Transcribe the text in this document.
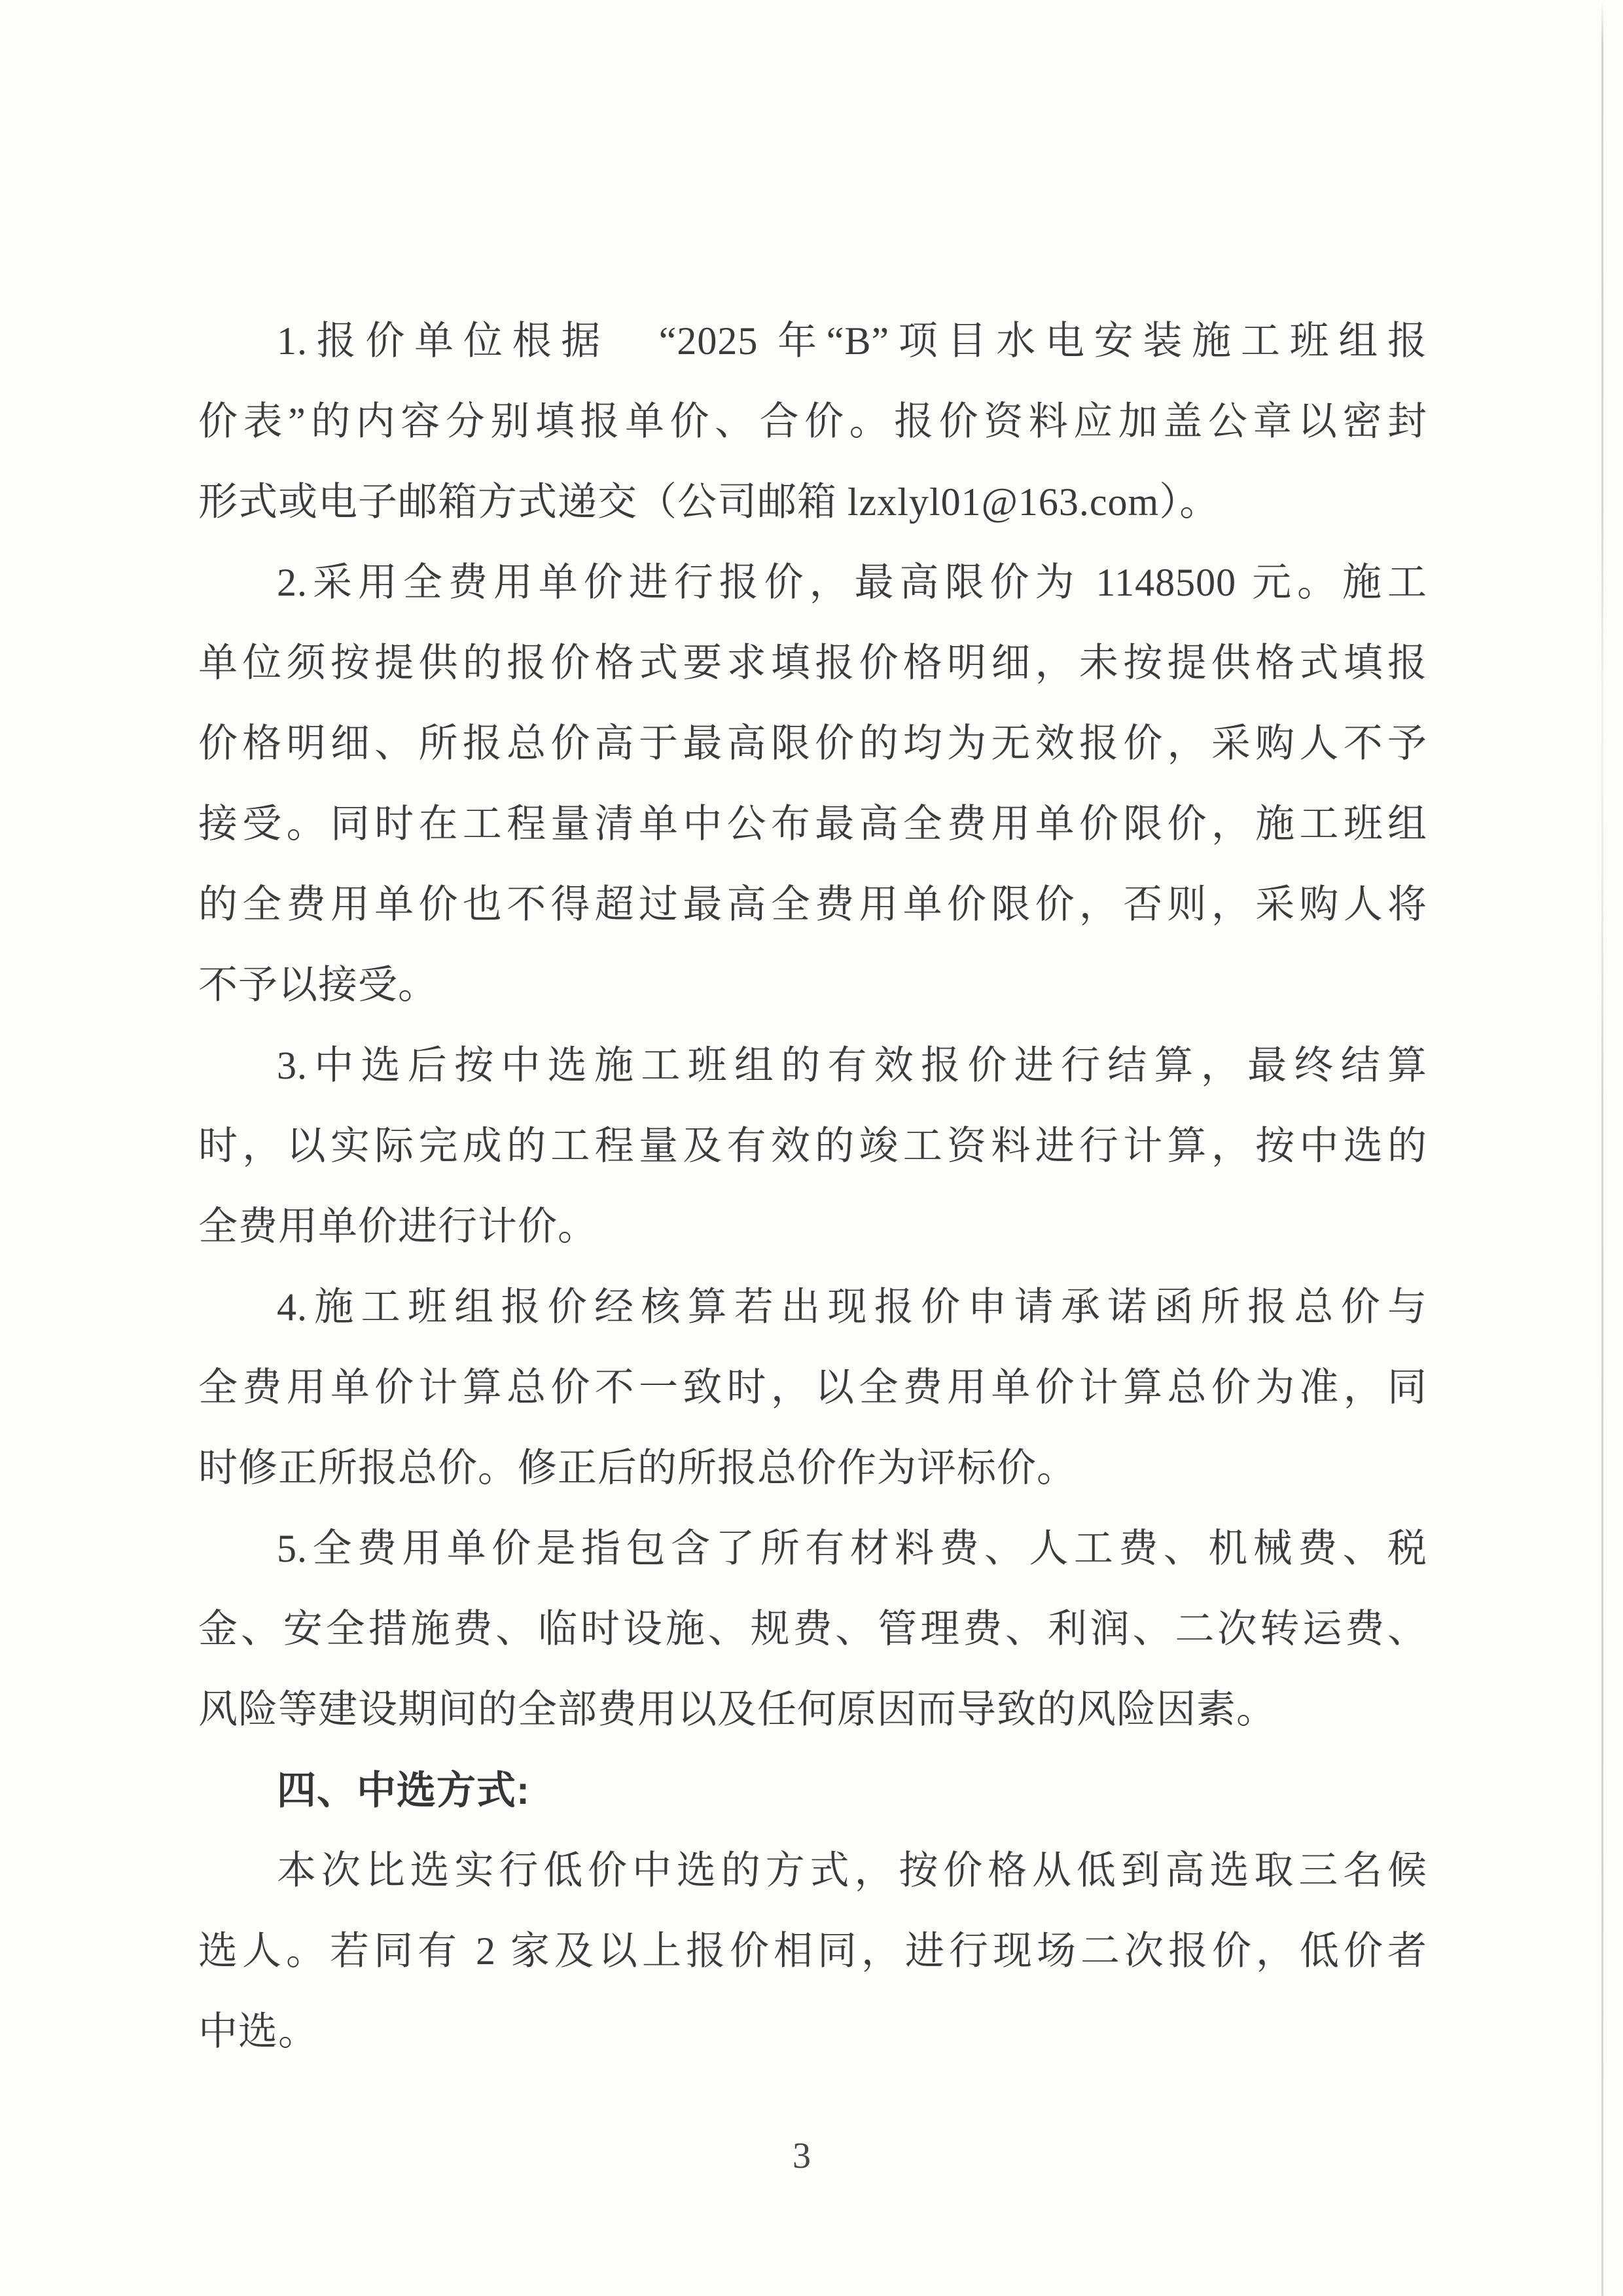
1.报价单位根据　“2025 年“B”项目水电安装施工班组报
价表”的内容分别填报单价、合价。报价资料应加盖公章以密封
形式或电子邮箱方式递交（公司邮箱 lzxlyl01@163.com）。
2.采用全费用单价进行报价，最高限价为 1148500 元。施工
单位须按提供的报价格式要求填报价格明细，未按提供格式填报
价格明细、所报总价高于最高限价的均为无效报价，采购人不予
接受。同时在工程量清单中公布最高全费用单价限价，施工班组
的全费用单价也不得超过最高全费用单价限价，否则，采购人将
不予以接受。
3.中选后按中选施工班组的有效报价进行结算，最终结算
时，以实际完成的工程量及有效的竣工资料进行计算，按中选的
全费用单价进行计价。
4.施工班组报价经核算若出现报价申请承诺函所报总价与
全费用单价计算总价不一致时，以全费用单价计算总价为准，同
时修正所报总价。修正后的所报总价作为评标价。
5.全费用单价是指包含了所有材料费、人工费、机械费、税
金、安全措施费、临时设施、规费、管理费、利润、二次转运费、
风险等建设期间的全部费用以及任何原因而导致的风险因素。
四、中选方式:
本次比选实行低价中选的方式，按价格从低到高选取三名候
选人。若同有 2 家及以上报价相同，进行现场二次报价，低价者
中选。
3
